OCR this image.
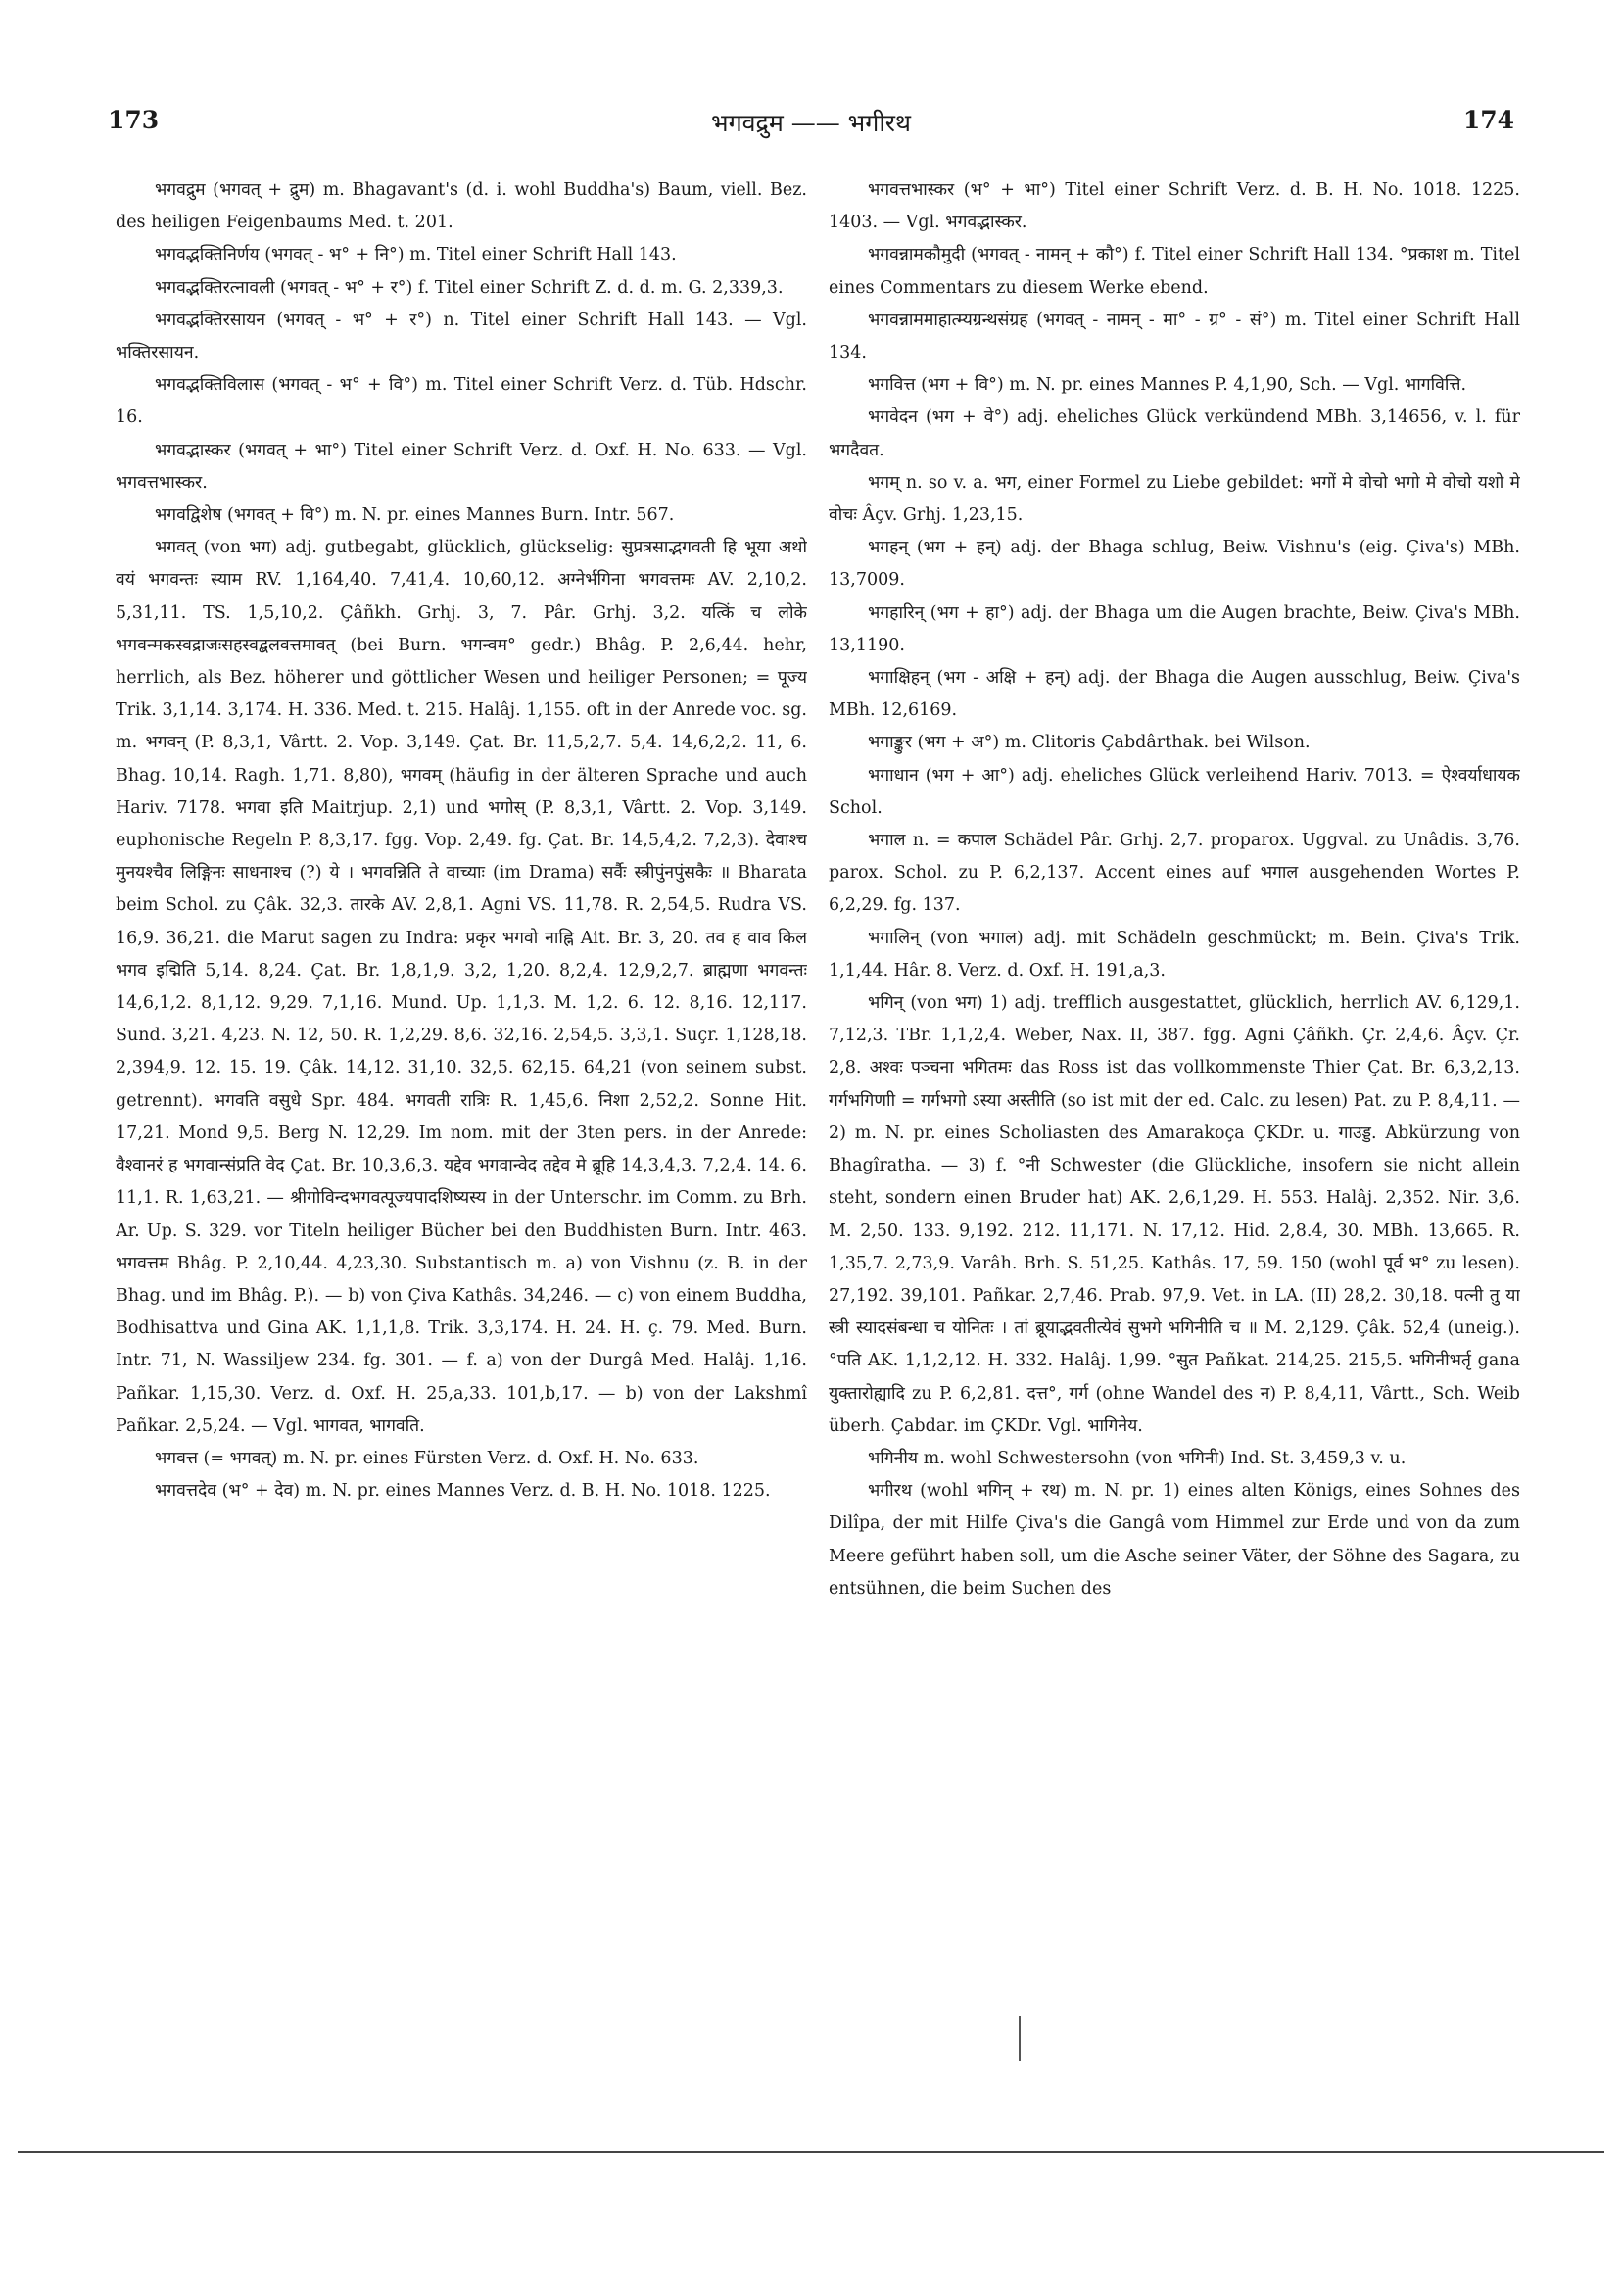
173	भगवद्रुम —— भगीरथ	174

भगवद्रुम (भगवत् + द्रुम) m. Bhagavant's (d. i. wohl Buddha's) Baum, viell. Bez. des heiligen Feigenbaums Med. t. 201.

भगवद्भक्तिनिर्णय (भगवत् - भ° + नि°) m. Titel einer Schrift Hall 143.

भगवद्भक्तिरत्नावली (भगवत् - भ° + र°) f. Titel einer Schrift Z. d. d. m. G. 2,339,3.

भगवद्भक्तिरसायन (भगवत् - भ° + र°) n. Titel einer Schrift Hall 143. — Vgl. भक्तिरसायन.

भगवद्भक्तिविलास (भगवत् - भ° + वि°) m. Titel einer Schrift Verz. d. Tüb. Hdschr. 16.

भगवद्भास्कर (भगवत् + भा°) Titel einer Schrift Verz. d. Oxf. H. No. 633. — Vgl. भगवत्तभास्कर.

भगवद्विशेष (भगवत् + वि°) m. N. pr. eines Mannes Burn. Intr. 567.

भगवत् (von भग) adj. gutbegabt, glücklich, glückselig: सुप्रत्रसाद्भगवती हि भूया अथो वयं भगवन्तः स्याम RV. 1,164,40. 7,41,4. 10,60,12. अग्नेर्भगिना भगवत्तमः AV. 2,10,2. 5,31,11. TS. 1,5,10,2. Çâñkh. Grhj. 3, 7. Pâr. Grhj. 3,2. यत्किं च लोके भगवन्मकस्वद्राजःसहस्वद्बलवत्तमावत् (bei Burn. भगन्वम° gedr.) Bhâg. P. 2,6,44. hehr, herrlich, als Bez. höherer und göttlicher Wesen und heiliger Personen; = पूज्य Trik. 3,1,14. 3,174. H. 336. Med. t. 215. Halâj. 1,155. oft in der Anrede voc. sg. m. भगवन् (P. 8,3,1, Vârtt. 2. Vop. 3,149. Çat. Br. 11,5,2,7. 5,4. 14,6,2,2. 11, 6. Bhag. 10,14. Ragh. 1,71. 8,80), भगवम् (häufig in der älteren Sprache und auch Hariv. 7178. भगवा इति Maitrjup. 2,1) und भगोस् (P. 8,3,1, Vârtt. 2. Vop. 3,149. euphonische Regeln P. 8,3,17. fgg. Vop. 2,49. fg. Çat. Br. 14,5,4,2. 7,2,3). देवाश्च मुनयश्चैव लिङ्गिनः साधनाश्च (?) ये । भगवन्निति ते वाच्याः (im Drama) सर्वैः स्त्रीपुंनपुंसकैः ॥ Bharata beim Schol. zu Çâk. 32,3. तारके AV. 2,8,1. Agni VS. 11,78. R. 2,54,5. Rudra VS. 16,9. 36,21. die Marut sagen zu Indra: प्रकृर भगवो नाह्नि Ait. Br. 3, 20. तव ह वाव किल भगव इद्मिति 5,14. 8,24. Çat. Br. 1,8,1,9. 3,2, 1,20. 8,2,4. 12,9,2,7. ब्राह्मणा भगवन्तः 14,6,1,2. 8,1,12. 9,29. 7,1,16. Mund. Up. 1,1,3. M. 1,2. 6. 12. 8,16. 12,117. Sund. 3,21. 4,23. N. 12, 50. R. 1,2,29. 8,6. 32,16. 2,54,5. 3,3,1. Suçr. 1,128,18. 2,394,9. 12. 15. 19. Çâk. 14,12. 31,10. 32,5. 62,15. 64,21 (von seinem subst. getrennt). भगवति वसुधे Spr. 484. भगवती रात्रिः R. 1,45,6. निशा 2,52,2. Sonne Hit. 17,21. Mond 9,5. Berg N. 12,29. Im nom. mit der 3ten pers. in der Anrede: वैश्वानरं ह भगवान्संप्रति वेद Çat. Br. 10,3,6,3. यद्देव भगवान्वेद तद्देव मे ब्रूहि 14,3,4,3. 7,2,4. 14. 6. 11,1. R. 1,63,21. — श्रीगोविन्दभगवत्पूज्यपादशिष्यस्य in der Unterschr. im Comm. zu Brh. Ar. Up. S. 329. vor Titeln heiliger Bücher bei den Buddhisten Burn. Intr. 463. भगवत्तम Bhâg. P. 2,10,44. 4,23,30. Substantisch m. a) von Vishnu (z. B. in der Bhag. und im Bhâg. P.). — b) von Çiva Kathâs. 34,246. — c) von einem Buddha, Bodhisattva und Gina AK. 1,1,1,8. Trik. 3,3,174. H. 24. H. ç. 79. Med. Burn. Intr. 71, N. Wassiljew 234. fg. 301. — f. a) von der Durgâ Med. Halâj. 1,16. Pañkar. 1,15,30. Verz. d. Oxf. H. 25,a,33. 101,b,17. — b) von der Lakshmî Pañkar. 2,5,24. — Vgl. भागवत, भागवति.

भगवत्त (= भगवत्) m. N. pr. eines Fürsten Verz. d. Oxf. H. No. 633.

भगवत्तदेव (भ° + देव) m. N. pr. eines Mannes Verz. d. B. H. No. 1018. 1225.

भगवत्तभास्कर (भ° + भा°) Titel einer Schrift Verz. d. B. H. No. 1018. 1225. 1403. — Vgl. भगवद्भास्कर.

भगवन्नामकौमुदी (भगवत् - नामन् + कौ°) f. Titel einer Schrift Hall 134. °प्रकाश m. Titel eines Commentars zu diesem Werke ebend.

भगवन्नाममाहात्म्यग्रन्थसंग्रह (भगवत् - नामन् - मा° - ग्र° - सं°) m. Titel einer Schrift Hall 134.

भगवित्त (भग + वि°) m. N. pr. eines Mannes P. 4,1,90, Sch. — Vgl. भागवित्ति.

भगवेदन (भग + वे°) adj. eheliches Glück verkündend MBh. 3,14656, v. l. für भगदैवत.

भगम् n. so v. a. भग, einer Formel zu Liebe gebildet: भगों मे वोचो भगो मे वोचो यशो मे वोचः Âçv. Grhj. 1,23,15.

भगहन् (भग + हन्) adj. der Bhaga schlug, Beiw. Vishnu's (eig. Çiva's) MBh. 13,7009.

भगहारिन् (भग + हा°) adj. der Bhaga um die Augen brachte, Beiw. Çiva's MBh. 13,1190.

भगाक्षिहन् (भग - अक्षि + हन्) adj. der Bhaga die Augen ausschlug, Beiw. Çiva's MBh. 12,6169.

भगाङ्कुर (भग + अ°) m. Clitoris Çabdârthak. bei Wilson.

भगाधान (भग + आ°) adj. eheliches Glück verleihend Hariv. 7013. = ऐश्वर्याधायक Schol.

भगाल n. = कपाल Schädel Pâr. Grhj. 2,7. proparox. Uggval. zu Unâdis. 3,76. parox. Schol. zu P. 6,2,137. Accent eines auf भगाल ausgehenden Wortes P. 6,2,29. fg. 137.

भगालिन् (von भगाल) adj. mit Schädeln geschmückt; m. Bein. Çiva's Trik. 1,1,44. Hâr. 8. Verz. d. Oxf. H. 191,a,3.

भगिन् (von भग) 1) adj. trefflich ausgestattet, glücklich, herrlich AV. 6,129,1. 7,12,3. TBr. 1,1,2,4. Weber, Nax. II, 387. fgg. Agni Çâñkh. Çr. 2,4,6. Âçv. Çr. 2,8. अश्वः पञ्चना भगितमः das Ross ist das vollkommenste Thier Çat. Br. 6,3,2,13. गर्गभगिणाी = गर्गभगो ऽस्या अस्तीति (so ist mit der ed. Calc. zu lesen) Pat. zu P. 8,4,11. — 2) m. N. pr. eines Scholiasten des Amarakoça ÇKDr. u. गाउड्ड. Abkürzung von Bhagîratha. — 3) f. °नी Schwester (die Glückliche, insofern sie nicht allein steht, sondern einen Bruder hat) AK. 2,6,1,29. H. 553. Halâj. 2,352. Nir. 3,6. M. 2,50. 133. 9,192. 212. 11,171. N. 17,12. Hid. 2,8.4, 30. MBh. 13,665. R. 1,35,7. 2,73,9. Varâh. Brh. S. 51,25. Kathâs. 17, 59. 150 (wohl पूर्व भ° zu lesen). 27,192. 39,101. Pañkar. 2,7,46. Prab. 97,9. Vet. in LA. (II) 28,2. 30,18. पत्नी तु या स्त्री स्यादसंबन्धा च योनितः । तां ब्रूयाद्भवतीत्येवं सुभगे भगिनीति च ॥ M. 2,129. Çâk. 52,4 (uneig.). °पति AK. 1,1,2,12. H. 332. Halâj. 1,99. °सुत Pañkat. 214,25. 215,5. भगिनीभर्तृ gana युक्तारोह्यादि zu P. 6,2,81. दत्त°, गर्ग (ohne Wandel des न) P. 8,4,11, Vârtt., Sch. Weib überh. Çabdar. im ÇKDr. Vgl. भागिनेय.

भगिनीय m. wohl Schwestersohn (von भगिनी) Ind. St. 3,459,3 v. u.

भगीरथ (wohl भगिन् + रथ) m. N. pr. 1) eines alten Königs, eines Sohnes des Dilîpa, der mit Hilfe Çiva's die Gangâ vom Himmel zur Erde und von da zum Meere geführt haben soll, um die Asche seiner Väter, der Söhne des Sagara, zu entsühnen, die beim Suchen des
